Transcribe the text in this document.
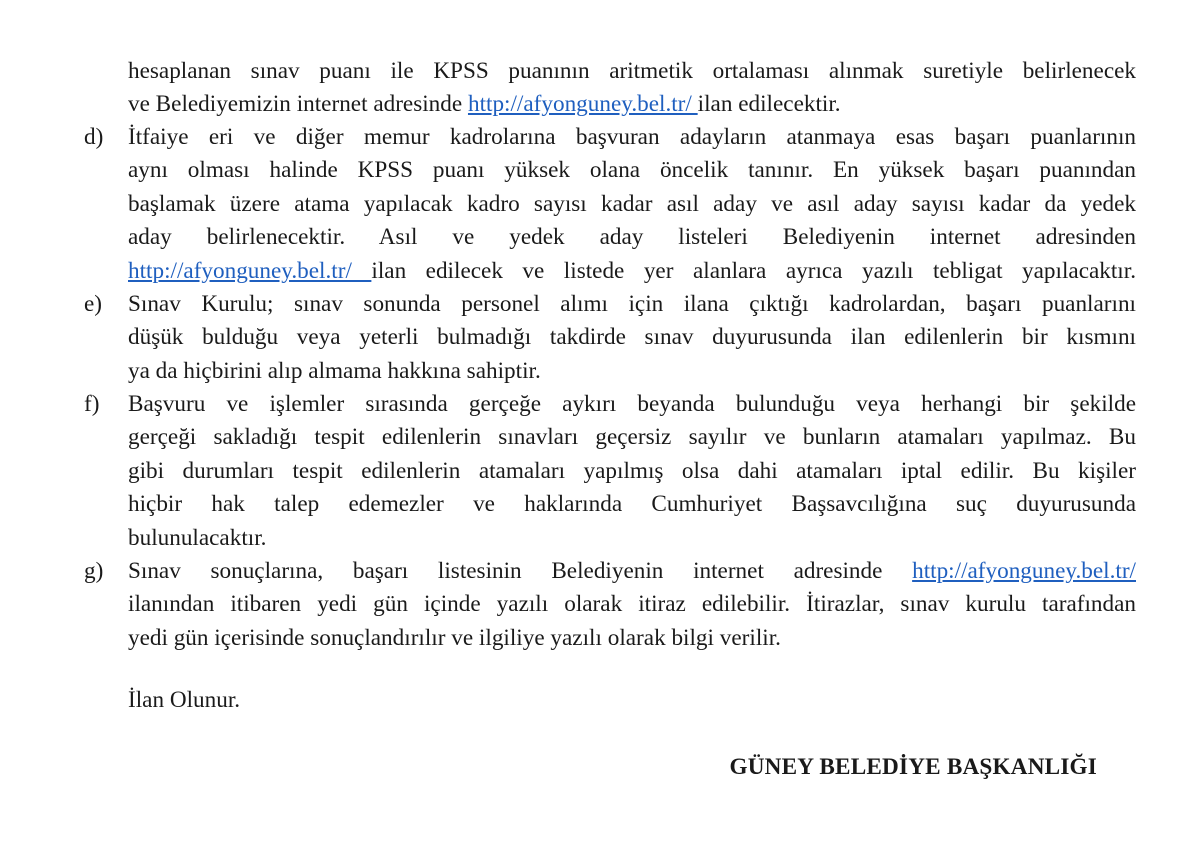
hesaplanan sınav puanı ile KPSS puanının aritmetik ortalaması alınmak suretiyle belirlenecek
ve Belediyemizin internet adresinde http://afyonguney.bel.tr/ ilan edilecektir.
d) İtfaiye eri ve diğer memur kadrolarına başvuran adayların atanmaya esas başarı puanlarının
aynı olması halinde KPSS puanı yüksek olana öncelik tanınır. En yüksek başarı puanından
başlamak üzere atama yapılacak kadro sayısı kadar asıl aday ve asıl aday sayısı kadar da yedek
aday belirlenecektir. Asıl ve yedek aday listeleri Belediyenin internet adresinden
http://afyonguney.bel.tr/ ilan edilecek ve listede yer alanlara ayrıca yazılı tebligat yapılacaktır.
e) Sınav Kurulu; sınav sonunda personel alımı için ilana çıktığı kadrolardan, başarı puanlarını
düşük bulduğu veya yeterli bulmadığı takdirde sınav duyurusunda ilan edilenlerin bir kısmını
ya da hiçbirini alıp almama hakkına sahiptir.
f) Başvuru ve işlemler sırasında gerçeğe aykırı beyanda bulunduğu veya herhangi bir şekilde
gerçeği sakladığı tespit edilenlerin sınavları geçersiz sayılır ve bunların atamaları yapılmaz. Bu
gibi durumları tespit edilenlerin atamaları yapılmış olsa dahi atamaları iptal edilir. Bu kişiler
hiçbir hak talep edemezler ve haklarında Cumhuriyet Başsavcılığına suç duyurusunda
bulunulacaktır.
g) Sınav sonuçlarına, başarı listesinin Belediyenin internet adresinde http://afyonguney.bel.tr/
ilanından itibaren yedi gün içinde yazılı olarak itiraz edilebilir. İtirazlar, sınav kurulu tarafından
yedi gün içerisinde sonuçlandırılır ve ilgiliye yazılı olarak bilgi verilir.
İlan Olunur.
GÜNEY BELEDİYE BAŞKANLIĞI
